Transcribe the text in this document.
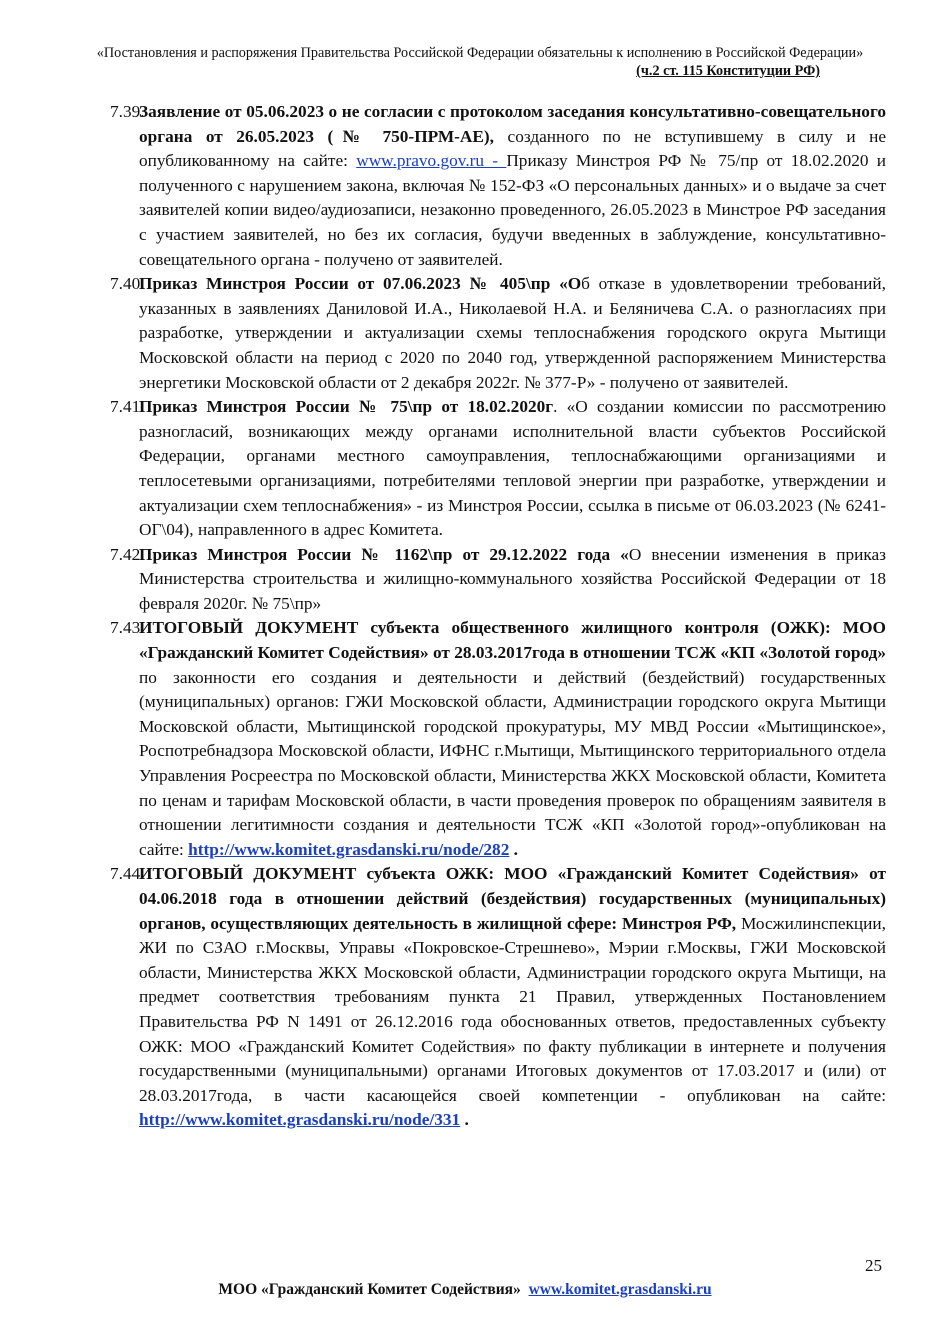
«Постановления и распоряжения Правительства Российской Федерации обязательны к исполнению в Российской Федерации»
(ч.2 ст. 115 Конституции РФ)
7.39.
Заявление от 05.06.2023 о не согласии с протоколом заседания консультативно-совещательного органа от 26.05.2023 (№ 750-ПРМ-АЕ), созданного по не вступившему в силу и не опубликованному на сайте: www.pravo.gov.ru - Приказу Минстроя РФ № 75/пр от 18.02.2020 и полученного с нарушением закона, включая № 152-ФЗ «О персональных данных» и о выдаче за счет заявителей копии видео/аудиозаписи, незаконно проведенного, 26.05.2023 в Минстрое РФ заседания с участием заявителей, но без их согласия, будучи введенных в заблуждение, консультативно-совещательного органа - получено от заявителей.
7.40.
Приказ Минстроя России от 07.06.2023 № 405\пр «Об отказе в удовлетворении требований, указанных в заявлениях Даниловой И.А., Николаевой Н.А. и Беляничева С.А. о разногласиях при разработке, утверждении и актуализации схемы теплоснабжения городского округа Мытищи Московской области на период с 2020 по 2040 год, утвержденной распоряжением Министерства энергетики Московской области от 2 декабря 2022г. № 377-Р» - получено от заявителей.
7.41.
Приказ Минстроя России № 75\пр от 18.02.2020г. «О создании комиссии по рассмотрению разногласий, возникающих между органами исполнительной власти субъектов Российской Федерации, органами местного самоуправления, теплоснабжающими организациями и теплосетевыми организациями, потребителями тепловой энергии при разработке, утверждении и актуализации схем теплоснабжения» - из Минстроя России, ссылка в письме от 06.03.2023 (№ 6241-ОГ\04), направленного в адрес Комитета.
7.42.
Приказ Минстроя России № 1162\пр от 29.12.2022 года «О внесении изменения в приказ Министерства строительства и жилищно-коммунального хозяйства Российской Федерации от 18 февраля 2020г. № 75\пр»
7.43.
ИТОГОВЫЙ ДОКУМЕНТ субъекта общественного жилищного контроля (ОЖК): МОО «Гражданский Комитет Содействия» от 28.03.2017года в отношении ТСЖ «КП «Золотой город» по законности его создания и деятельности и действий (бездействий) государственных (муниципальных) органов: ГЖИ Московской области, Администрации городского округа Мытищи Московской области, Мытищинской городской прокуратуры, МУ МВД России «Мытищинское», Роспотребнадзора Московской области, ИФНС г.Мытищи, Мытищинского территориального отдела Управления Росреестра по Московской области, Министерства ЖКХ Московской области, Комитета по ценам и тарифам Московской области, в части проведения проверок по обращениям заявителя в отношении легитимности создания и деятельности ТСЖ «КП «Золотой город»-опубликован на сайте: http://www.komitet.grasdanski.ru/node/282 .
7.44.
ИТОГОВЫЙ ДОКУМЕНТ субъекта ОЖК: МОО «Гражданский Комитет Содействия» от 04.06.2018 года в отношении действий (бездействия) государственных (муниципальных) органов, осуществляющих деятельность в жилищной сфере: Минстроя РФ, Мосжилинспекции, ЖИ по СЗАО г.Москвы, Управы «Покровское-Стрешнево», Мэрии г.Москвы, ГЖИ Московской области, Министерства ЖКХ Московской области, Администрации городского округа Мытищи, на предмет соответствия требованиям пункта 21 Правил, утвержденных Постановлением Правительства РФ N 1491 от 26.12.2016 года обоснованных ответов, предоставленных субъекту ОЖК: МОО «Гражданский Комитет Содействия» по факту публикации в интернете и получения государственными (муниципальными) органами Итоговых документов от 17.03.2017 и (или) от 28.03.2017года, в части касающейся своей компетенции - опубликован на сайте: http://www.komitet.grasdanski.ru/node/331 .
25
МОО «Гражданский Комитет Содействия» www.komitet.grasdanski.ru
